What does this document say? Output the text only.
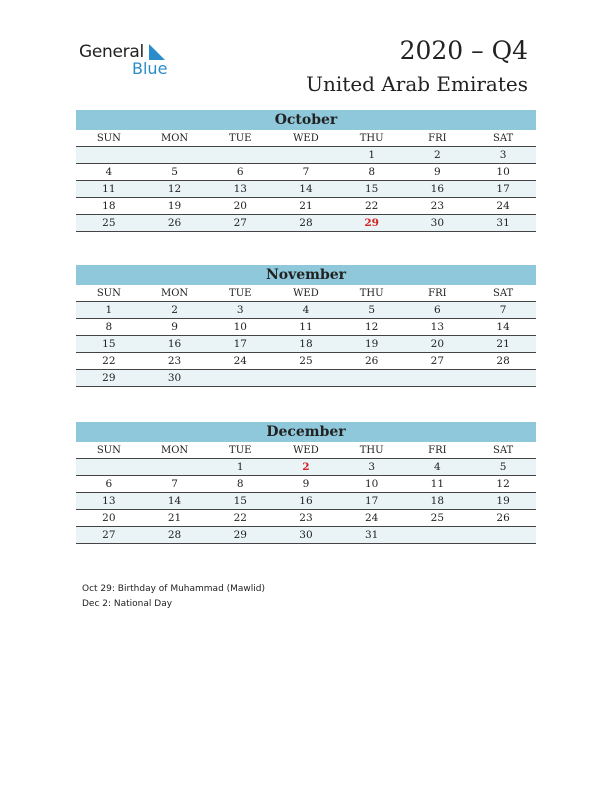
General
Blue
2020 – Q4
United Arab Emirates
October
SUN	MON	TUE	WED	THU	FRI	SAT
				1	2	3
4	5	6	7	8	9	10
11	12	13	14	15	16	17
18	19	20	21	22	23	24
25	26	27	28	29	30	31
November
SUN	MON	TUE	WED	THU	FRI	SAT
1	2	3	4	5	6	7
8	9	10	11	12	13	14
15	16	17	18	19	20	21
22	23	24	25	26	27	28
29	30					
December
SUN	MON	TUE	WED	THU	FRI	SAT
		1	2	3	4	5
6	7	8	9	10	11	12
13	14	15	16	17	18	19
20	21	22	23	24	25	26
27	28	29	30	31		
Oct 29: Birthday of Muhammad (Mawlid)
Dec 2: National Day
